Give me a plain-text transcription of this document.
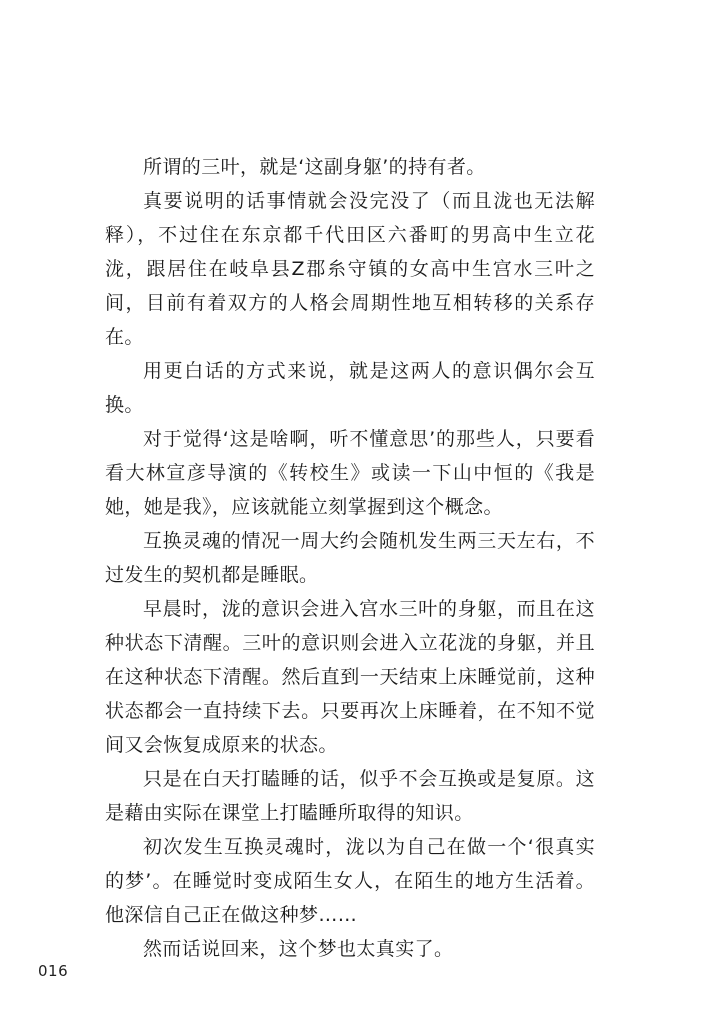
所谓的三叶，就是‘这副身躯’的持有者。

真要说明的话事情就会没完没了（而且泷也无法解释），不过住在东京都千代田区六番町的男高中生立花泷，跟居住在岐阜县Z郡糸守镇的女高中生宫水三叶之间，目前有着双方的人格会周期性地互相转移的关系存在。

用更白话的方式来说，就是这两人的意识偶尔会互换。

对于觉得‘这是啥啊，听不懂意思’的那些人，只要看看大林宣彦导演的《转校生》或读一下山中恒的《我是她，她是我》，应该就能立刻掌握到这个概念。

互换灵魂的情况一周大约会随机发生两三天左右，不过发生的契机都是睡眠。

早晨时，泷的意识会进入宫水三叶的身躯，而且在这种状态下清醒。三叶的意识则会进入立花泷的身躯，并且在这种状态下清醒。然后直到一天结束上床睡觉前，这种状态都会一直持续下去。只要再次上床睡着，在不知不觉间又会恢复成原来的状态。

只是在白天打瞌睡的话，似乎不会互换或是复原。这是藉由实际在课堂上打瞌睡所取得的知识。

初次发生互换灵魂时，泷以为自己在做一个‘很真实的梦’。在睡觉时变成陌生女人，在陌生的地方生活着。他深信自己正在做这种梦……

然而话说回来，这个梦也太真实了。

016
